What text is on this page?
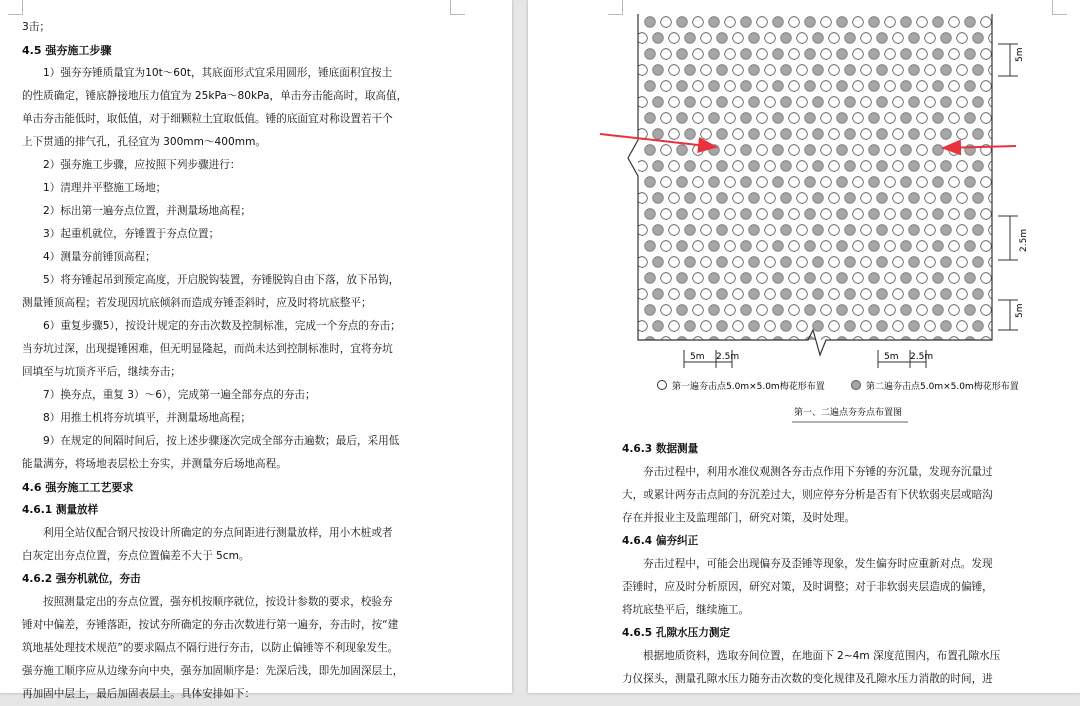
3击；
4.5 强夯施工步骤
1）强夯夯锤质量宜为10t～60t，其底面形式宜采用圆形，锤底面积宜按土
的性质确定，锤底静接地压力值宜为 25kPa～80kPa，单击夯击能高时，取高值，
单击夯击能低时，取低值，对于细颗粒土宜取低值。锤的底面宜对称设置若干个
上下贯通的排气孔，孔径宜为 300mm～400mm。
2）强夯施工步骤，应按照下列步骤进行：
1）清理并平整施工场地；
2）标出第一遍夯点位置，并测量场地高程；
3）起重机就位，夯锤置于夯点位置；
4）测量夯前锤顶高程；
5）将夯锤起吊到预定高度，开启脱钩装置，夯锤脱钩自由下落，放下吊钩，
测量锤顶高程；若发现因坑底倾斜而造成夯锤歪斜时，应及时将坑底整平；
6）重复步骤5），按设计规定的夯击次数及控制标准，完成一个夯点的夯击；
当夯坑过深，出现提锤困难，但无明显隆起，而尚未达到控制标准时，宜将夯坑
回填至与坑顶齐平后，继续夯击；
7）换夯点，重复 3）～6），完成第一遍全部夯点的夯击；
8）用推土机将夯坑填平，并测量场地高程；
9）在规定的间隔时间后，按上述步骤逐次完成全部夯击遍数；最后，采用低
能量满夯，将场地表层松土夯实，并测量夯后场地高程。
4.6 强夯施工工艺要求
4.6.1 测量放样
利用全站仪配合钢尺按设计所确定的夯点间距进行测量放样，用小木桩或者
白灰定出夯点位置，夯点位置偏差不大于 5cm。
4.6.2 强夯机就位，夯击
按照测量定出的夯点位置，强夯机按顺序就位，按设计参数的要求，校验夯
锤对中偏差，夯锤落距，按试夯所确定的夯击次数进行第一遍夯，夯击时，按“建
筑地基处理技术规范”的要求隔点不隔行进行夯击，以防止偏锤等不利现象发生。
强夯施工顺序应从边缘夯向中央，强夯加固顺序是：先深后浅，即先加固深层土，
再加固中层土，最后加固表层土。具体安排如下：
5m
2.5m
5m
5m 2.5m	5m 2.5m
第一遍夯击点5.0m×5.0m梅花形布置	第二遍夯击点5.0m×5.0m梅花形布置
第一、二遍点夯夯点布置图
4.6.3 数据测量
夯击过程中，利用水准仪观测各夯击点作用下夯锤的夯沉量，发现夯沉量过
大，或累计两夯击点间的夯沉差过大，则应停夯分析是否有下伏软弱夹层或暗沟
存在并报业主及监理部门，研究对策，及时处理。
4.6.4 偏夯纠正
夯击过程中，可能会出现偏夯及歪锤等现象，发生偏夯时应重新对点。发现
歪锤时，应及时分析原因，研究对策，及时调整；对于非软弱夹层造成的偏锤，
将坑底垫平后，继续施工。
4.6.5 孔隙水压力测定
根据地质资料，选取夯间位置，在地面下 2~4m 深度范围内，布置孔隙水压
力仪探头，测量孔隙水压力随夯击次数的变化规律及孔隙水压力消散的时间，进
